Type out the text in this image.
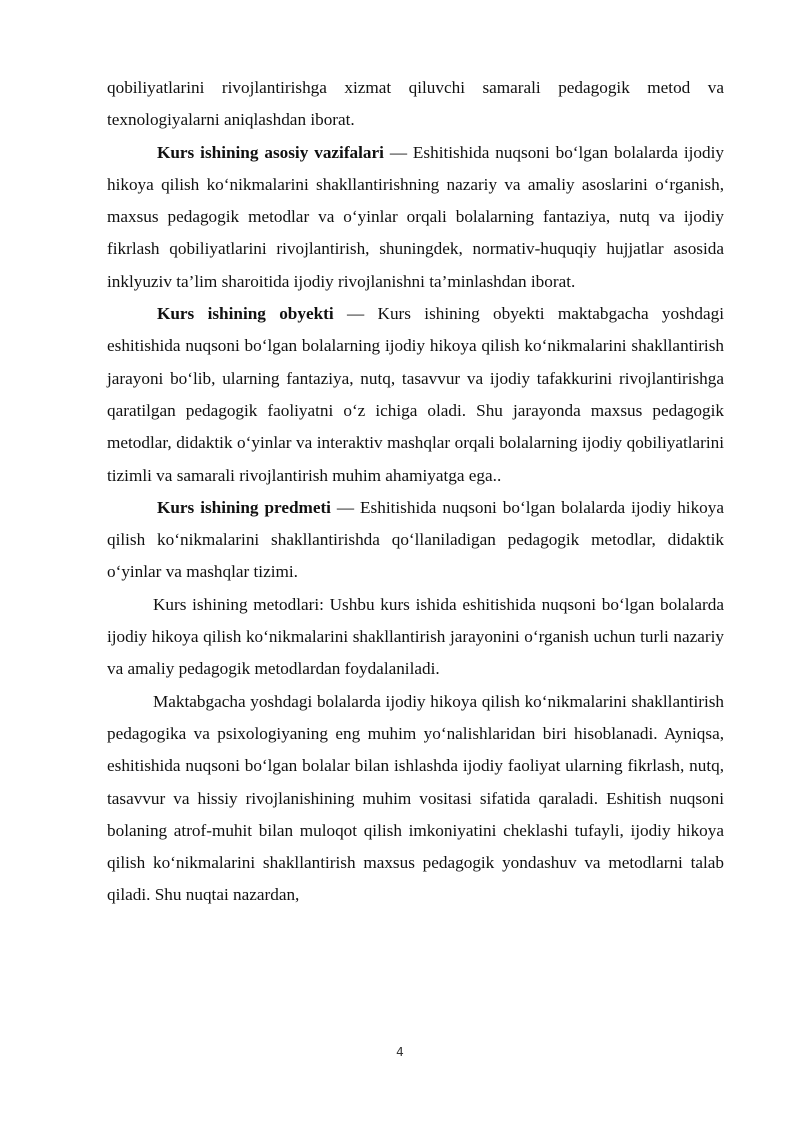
qobiliyatlarini rivojlantirishga xizmat qiluvchi samarali pedagogik metod va texnologiyalarni aniqlashdan iborat.

Kurs ishining asosiy vazifalari — Eshitishida nuqsoni bo‘lgan bolalarda ijodiy hikoya qilish ko‘nikmalarini shakllantirishning nazariy va amaliy asoslarini o‘rganish, maxsus pedagogik metodlar va o‘yinlar orqali bolalarning fantaziya, nutq va ijodiy fikrlash qobiliyatlarini rivojlantirish, shuningdek, normativ-huquqiy hujjatlar asosida inklyuziv ta’lim sharoitida ijodiy rivojlanishni ta’minlashdan iborat.

Kurs ishining obyekti — Kurs ishining obyekti maktabgacha yoshdagi eshitishida nuqsoni bo‘lgan bolalarning ijodiy hikoya qilish ko‘nikmalarini shakllantirish jarayoni bo‘lib, ularning fantaziya, nutq, tasavvur va ijodiy tafakkurini rivojlantirishga qaratilgan pedagogik faoliyatni o‘z ichiga oladi. Shu jarayonda maxsus pedagogik metodlar, didaktik o‘yinlar va interaktiv mashqlar orqali bolalarning ijodiy qobiliyatlarini tizimli va samarali rivojlantirish muhim ahamiyatga ega..

Kurs ishining predmeti — Eshitishida nuqsoni bo‘lgan bolalarda ijodiy hikoya qilish ko‘nikmalarini shakllantirishda qo‘llaniladigan pedagogik metodlar, didaktik o‘yinlar va mashqlar tizimi.

Kurs ishining metodlari: Ushbu kurs ishida eshitishida nuqsoni bo‘lgan bolalarda ijodiy hikoya qilish ko‘nikmalarini shakllantirish jarayonini o‘rganish uchun turli nazariy va amaliy pedagogik metodlardan foydalaniladi.

Maktabgacha yoshdagi bolalarda ijodiy hikoya qilish ko‘nikmalarini shakllantirish pedagogika va psixologiyaning eng muhim yo‘nalishlaridan biri hisoblanadi. Ayniqsa, eshitishida nuqsoni bo‘lgan bolalar bilan ishlashda ijodiy faoliyat ularning fikrlash, nutq, tasavvur va hissiy rivojlanishining muhim vositasi sifatida qaraladi. Eshitish nuqsoni bolaning atrof-muhit bilan muloqot qilish imkoniyatini cheklashi tufayli, ijodiy hikoya qilish ko‘nikmalarini shakllantirish maxsus pedagogik yondashuv va metodlarni talab qiladi. Shu nuqtai nazardan,

4
